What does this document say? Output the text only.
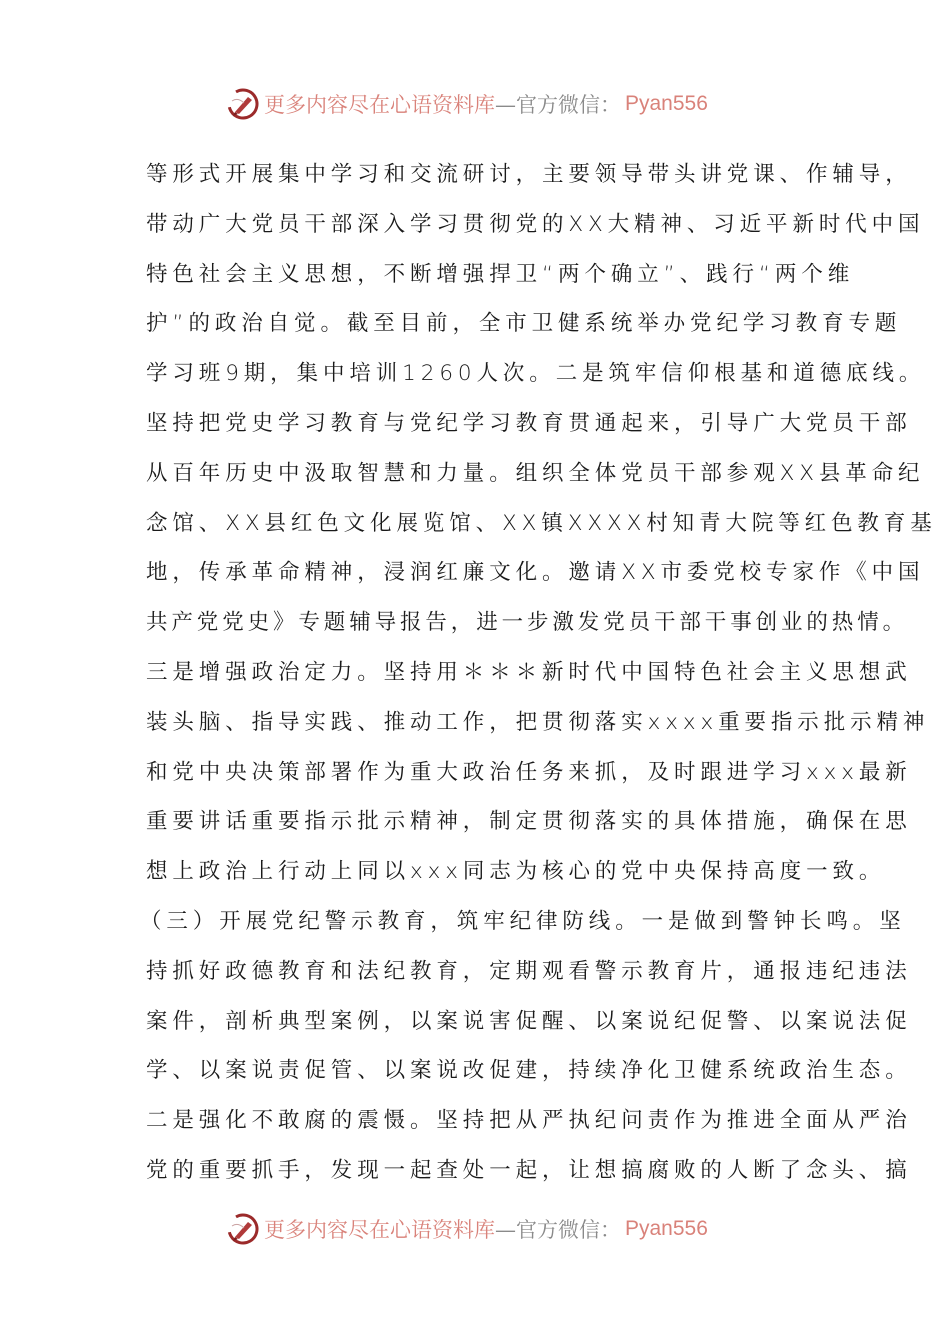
更多内容尽在心语资料库 —官方微信： Pyan556
等形式开展集中学习和交流研讨，主要领导带头讲党课、作辅导，
带动广大党员干部深入学习贯彻党的XX大精神、习近平新时代中国
特色社会主义思想，不断增强捍卫“两个确立”、践行“两个维
护”的政治自觉。截至目前，全市卫健系统举办党纪学习教育专题
学习班9期，集中培训1260人次。二是筑牢信仰根基和道德底线。
坚持把党史学习教育与党纪学习教育贯通起来，引导广大党员干部
从百年历史中汲取智慧和力量。组织全体党员干部参观XX县革命纪
念馆、XX县红色文化展览馆、XX镇XXXX村知青大院等红色教育基
地，传承革命精神，浸润红廉文化。邀请XX市委党校专家作《中国
共产党党史》专题辅导报告，进一步激发党员干部干事创业的热情。
三是增强政治定力。坚持用＊＊＊新时代中国特色社会主义思想武
装头脑、指导实践、推动工作，把贯彻落实xxxx重要指示批示精神
和党中央决策部署作为重大政治任务来抓，及时跟进学习xxx最新
重要讲话重要指示批示精神，制定贯彻落实的具体措施，确保在思
想上政治上行动上同以xxx同志为核心的党中央保持高度一致。
（三）开展党纪警示教育，筑牢纪律防线。一是做到警钟长鸣。坚
持抓好政德教育和法纪教育，定期观看警示教育片，通报违纪违法
案件，剖析典型案例，以案说害促醒、以案说纪促警、以案说法促
学、以案说责促管、以案说改促建，持续净化卫健系统政治生态。
二是强化不敢腐的震慑。坚持把从严执纪问责作为推进全面从严治
党的重要抓手，发现一起查处一起，让想搞腐败的人断了念头、搞
更多内容尽在心语资料库 —官方微信： Pyan556
